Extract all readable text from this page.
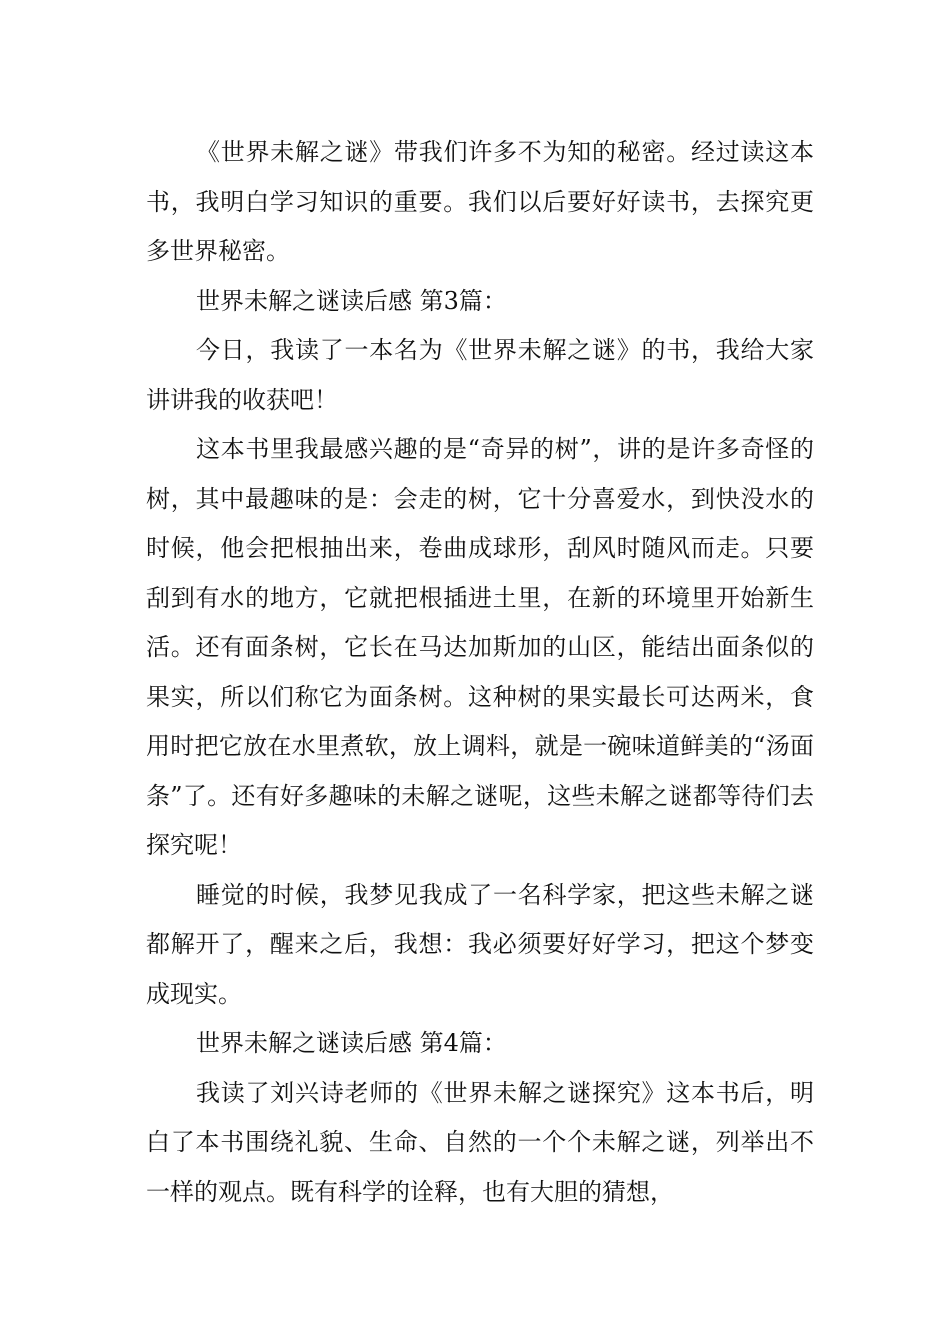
《世界未解之谜》带我们许多不为知的秘密。经过读这本书，我明白学习知识的重要。我们以后要好好读书，去探究更多世界秘密。

世界未解之谜读后感 第3篇：

今日，我读了一本名为《世界未解之谜》的书，我给大家讲讲我的收获吧！

这本书里我最感兴趣的是“奇异的树”，讲的是许多奇怪的树，其中最趣味的是：会走的树，它十分喜爱水，到快没水的时候，他会把根抽出来，卷曲成球形，刮风时随风而走。只要刮到有水的地方，它就把根插进土里，在新的环境里开始新生活。还有面条树，它长在马达加斯加的山区，能结出面条似的果实，所以们称它为面条树。这种树的果实最长可达两米，食用时把它放在水里煮软，放上调料，就是一碗味道鲜美的“汤面条”了。还有好多趣味的未解之谜呢，这些未解之谜都等待们去探究呢！

睡觉的时候，我梦见我成了一名科学家，把这些未解之谜都解开了，醒来之后，我想：我必须要好好学习，把这个梦变成现实。

世界未解之谜读后感 第4篇：

我读了刘兴诗老师的《世界未解之谜探究》这本书后，明白了本书围绕礼貌、生命、自然的一个个未解之谜，列举出不一样的观点。既有科学的诠释，也有大胆的猜想，
